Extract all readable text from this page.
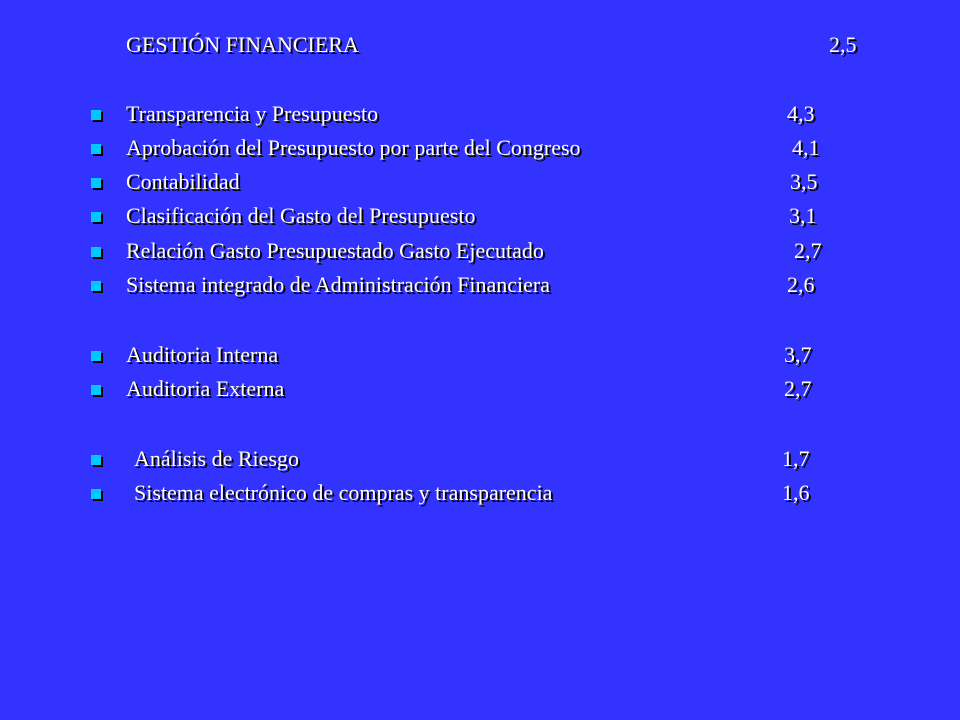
GESTIÓN FINANCIERA	2,5
Transparencia y Presupuesto	4,3
Aprobación del Presupuesto por parte del Congreso	4,1
Contabilidad	3,5
Clasificación del Gasto del Presupuesto	3,1
Relación Gasto Presupuestado Gasto Ejecutado	2,7
Sistema integrado de Administración Financiera	2,6
Auditoria Interna	3,7
Auditoria Externa	2,7
Análisis de Riesgo	1,7
Sistema electrónico de compras y transparencia	1,6
